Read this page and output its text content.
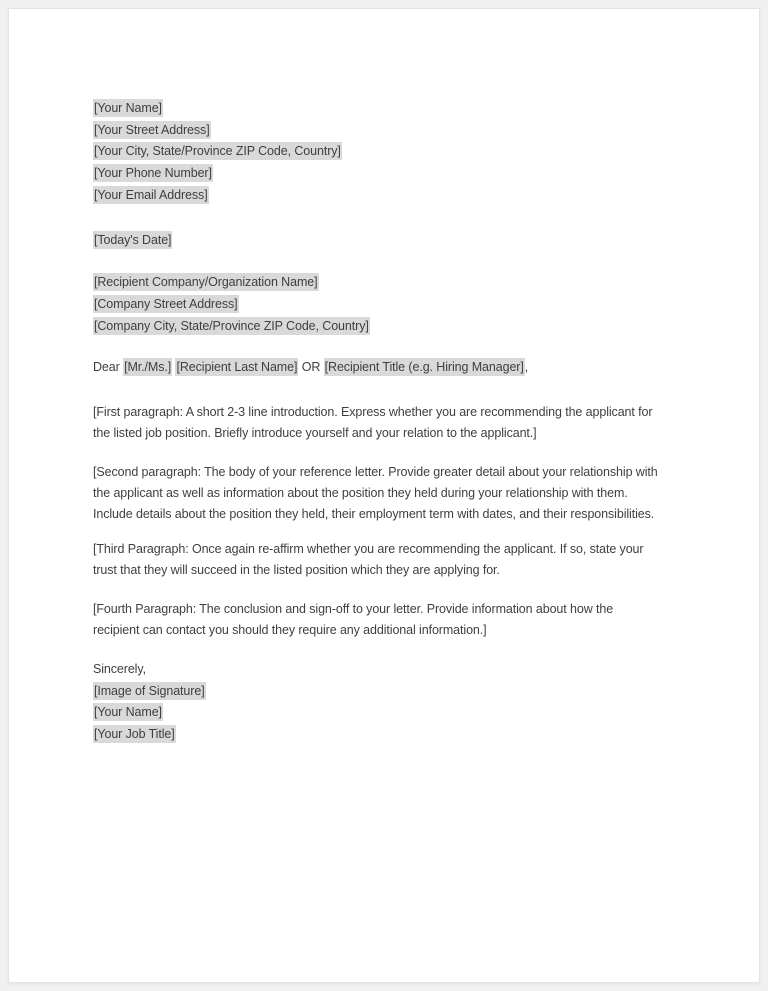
[Your Name]
[Your Street Address]
[Your City, State/Province ZIP Code, Country]
[Your Phone Number]
[Your Email Address]
[Today's Date]
[Recipient Company/Organization Name]
[Company Street Address]
[Company City, State/Province ZIP Code, Country]
Dear [Mr./Ms.] [Recipient Last Name] OR [Recipient Title (e.g. Hiring Manager],
[First paragraph: A short 2-3 line introduction. Express whether you are recommending the applicant for
the listed job position. Briefly introduce yourself and your relation to the applicant.]
[Second paragraph: The body of your reference letter. Provide greater detail about your relationship with
the applicant as well as information about the position they held during your relationship with them.
Include details about the position they held, their employment term with dates, and their responsibilities.
[Third Paragraph: Once again re-affirm whether you are recommending the applicant. If so, state your
trust that they will succeed in the listed position which they are applying for.
[Fourth Paragraph: The conclusion and sign-off to your letter. Provide information about how the
recipient can contact you should they require any additional information.]
Sincerely,
[Image of Signature]
[Your Name]
[Your Job Title]
